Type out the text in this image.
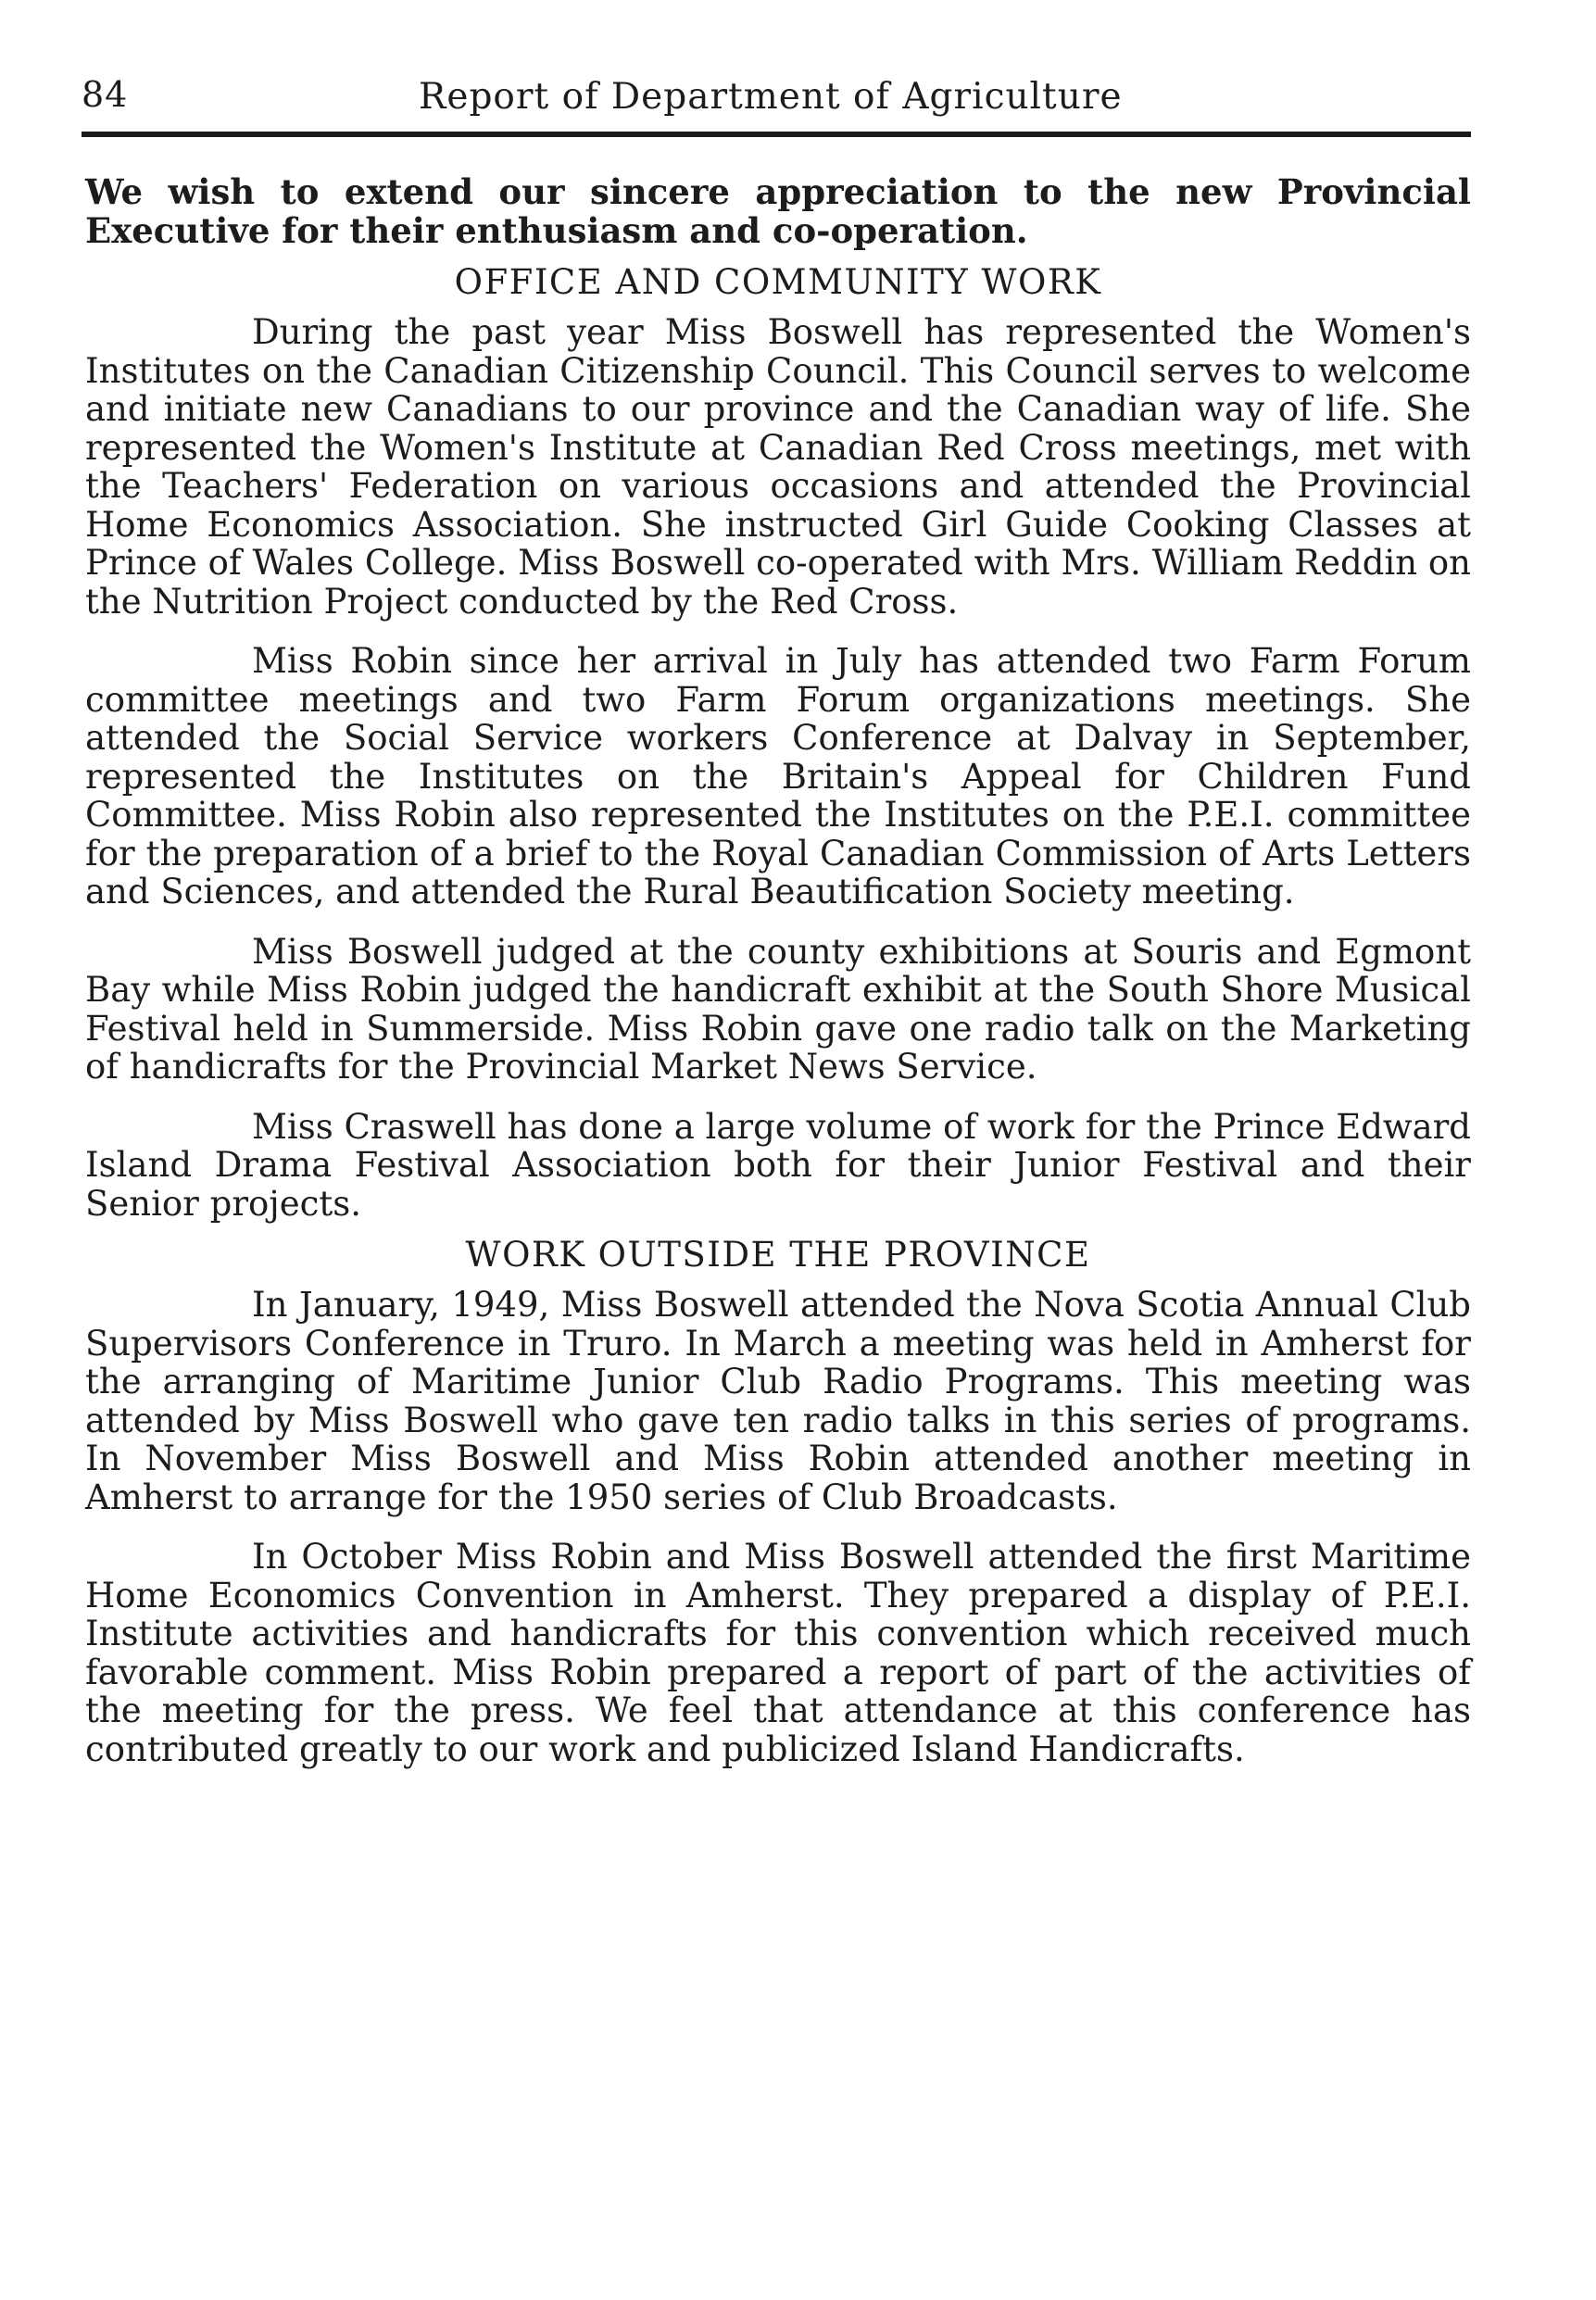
84	Report of Department of Agriculture

We wish to extend our sincere appreciation to the new Provincial Executive for their enthusiasm and co-operation.

OFFICE AND COMMUNITY WORK

During the past year Miss Boswell has represented the Women's Institutes on the Canadian Citizenship Council. This Council serves to welcome and initiate new Canadians to our province and the Canadian way of life. She represented the Women's Institute at Canadian Red Cross meetings, met with the Teachers' Federation on various occasions and attended the Provincial Home Economics Association. She instructed Girl Guide Cooking Classes at Prince of Wales College. Miss Boswell co-operated with Mrs. William Reddin on the Nutrition Project conducted by the Red Cross.

Miss Robin since her arrival in July has attended two Farm Forum committee meetings and two Farm Forum organizations meetings. She attended the Social Service workers Conference at Dalvay in September, represented the Institutes on the Britain's Appeal for Children Fund Committee. Miss Robin also represented the Institutes on the P.E.I. committee for the preparation of a brief to the Royal Canadian Commission of Arts Letters and Sciences, and attended the Rural Beautification Society meeting.

Miss Boswell judged at the county exhibitions at Souris and Egmont Bay while Miss Robin judged the handicraft exhibit at the South Shore Musical Festival held in Summerside. Miss Robin gave one radio talk on the Marketing of handicrafts for the Provincial Market News Service.

Miss Craswell has done a large volume of work for the Prince Edward Island Drama Festival Association both for their Junior Festival and their Senior projects.

WORK OUTSIDE THE PROVINCE

In January, 1949, Miss Boswell attended the Nova Scotia Annual Club Supervisors Conference in Truro. In March a meeting was held in Amherst for the arranging of Maritime Junior Club Radio Programs. This meeting was attended by Miss Boswell who gave ten radio talks in this series of programs. In November Miss Boswell and Miss Robin attended another meeting in Amherst to arrange for the 1950 series of Club Broadcasts.

In October Miss Robin and Miss Boswell attended the first Maritime Home Economics Convention in Amherst. They prepared a display of P.E.I. Institute activities and handicrafts for this convention which received much favorable comment. Miss Robin prepared a report of part of the activities of the meeting for the press. We feel that attendance at this conference has contributed greatly to our work and publicized Island Handicrafts.
